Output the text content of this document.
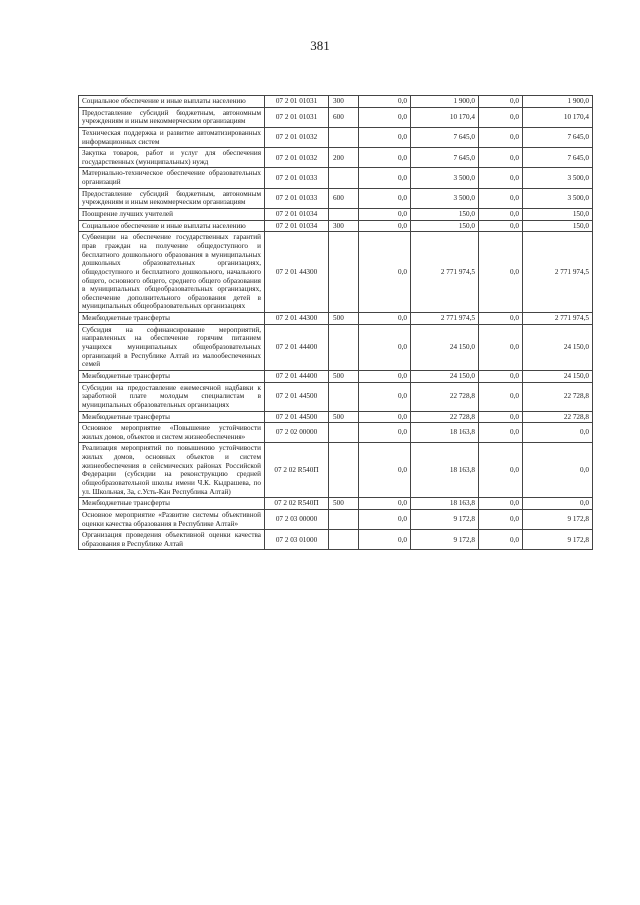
381
Социальное обеспечение и иные выплаты населению	07 2 01 01031	300	0,0	1 900,0	0,0	1 900,0
Предоставление субсидий бюджетным, автономным учреждениям и иным некоммерческим организациям	07 2 01 01031	600	0,0	10 170,4	0,0	10 170,4
Техническая поддержка и развитие автоматизированных информационных систем	07 2 01 01032		0,0	7 645,0	0,0	7 645,0
Закупка товаров, работ и услуг для обеспечения государственных (муниципальных) нужд	07 2 01 01032	200	0,0	7 645,0	0,0	7 645,0
Материально-техническое обеспечение образовательных организаций	07 2 01 01033		0,0	3 500,0	0,0	3 500,0
Предоставление субсидий бюджетным, автономным учреждениям и иным некоммерческим организациям	07 2 01 01033	600	0,0	3 500,0	0,0	3 500,0
Поощрение лучших учителей	07 2 01 01034		0,0	150,0	0,0	150,0
Социальное обеспечение и иные выплаты населению	07 2 01 01034	300	0,0	150,0	0,0	150,0
Субвенции на обеспечение государственных гарантий прав граждан на получение общедоступного и бесплатного дошкольного образования в муниципальных дошкольных образовательных организациях, общедоступного и бесплатного дошкольного, начального общего, основного общего, среднего общего образования в муниципальных общеобразовательных организациях, обеспечение дополнительного образования детей в муниципальных общеобразовательных организациях	07 2 01 44300		0,0	2 771 974,5	0,0	2 771 974,5
Межбюджетные трансферты	07 2 01 44300	500	0,0	2 771 974,5	0,0	2 771 974,5
Субсидия на софинансирование мероприятий, направленных на обеспечение горячим питанием учащихся муниципальных общеобразовательных организаций в Республике Алтай из малообеспеченных семей	07 2 01 44400		0,0	24 150,0	0,0	24 150,0
Межбюджетные трансферты	07 2 01 44400	500	0,0	24 150,0	0,0	24 150,0
Субсидии на предоставление ежемесячной надбавки к заработной плате молодым специалистам в муниципальных образовательных организациях	07 2 01 44500		0,0	22 728,8	0,0	22 728,8
Межбюджетные трансферты	07 2 01 44500	500	0,0	22 728,8	0,0	22 728,8
Основное мероприятие «Повышение устойчивости жилых домов, объектов и систем жизнеобеспечения»	07 2 02 00000		0,0	18 163,8	0,0	0,0
Реализация мероприятий по повышению устойчивости жилых домов, основных объектов и систем жизнеобеспечения в сейсмических районах Российской Федерации (субсидии на реконструкцию средней общеобразовательной школы имени Ч.К. Кыдрашева, по ул. Школьная, 3а, с.Усть-Кан Республика Алтай)	07 2 02 R540П		0,0	18 163,8	0,0	0,0
Межбюджетные трансферты	07 2 02 R540П	500	0,0	18 163,8	0,0	0,0
Основное мероприятие «Развитие системы объективной оценки качества образования в Республике Алтай»	07 2 03 00000		0,0	9 172,8	0,0	9 172,8
Организация проведения объективной оценки качества образования в Республике Алтай	07 2 03 01000		0,0	9 172,8	0,0	9 172,8
